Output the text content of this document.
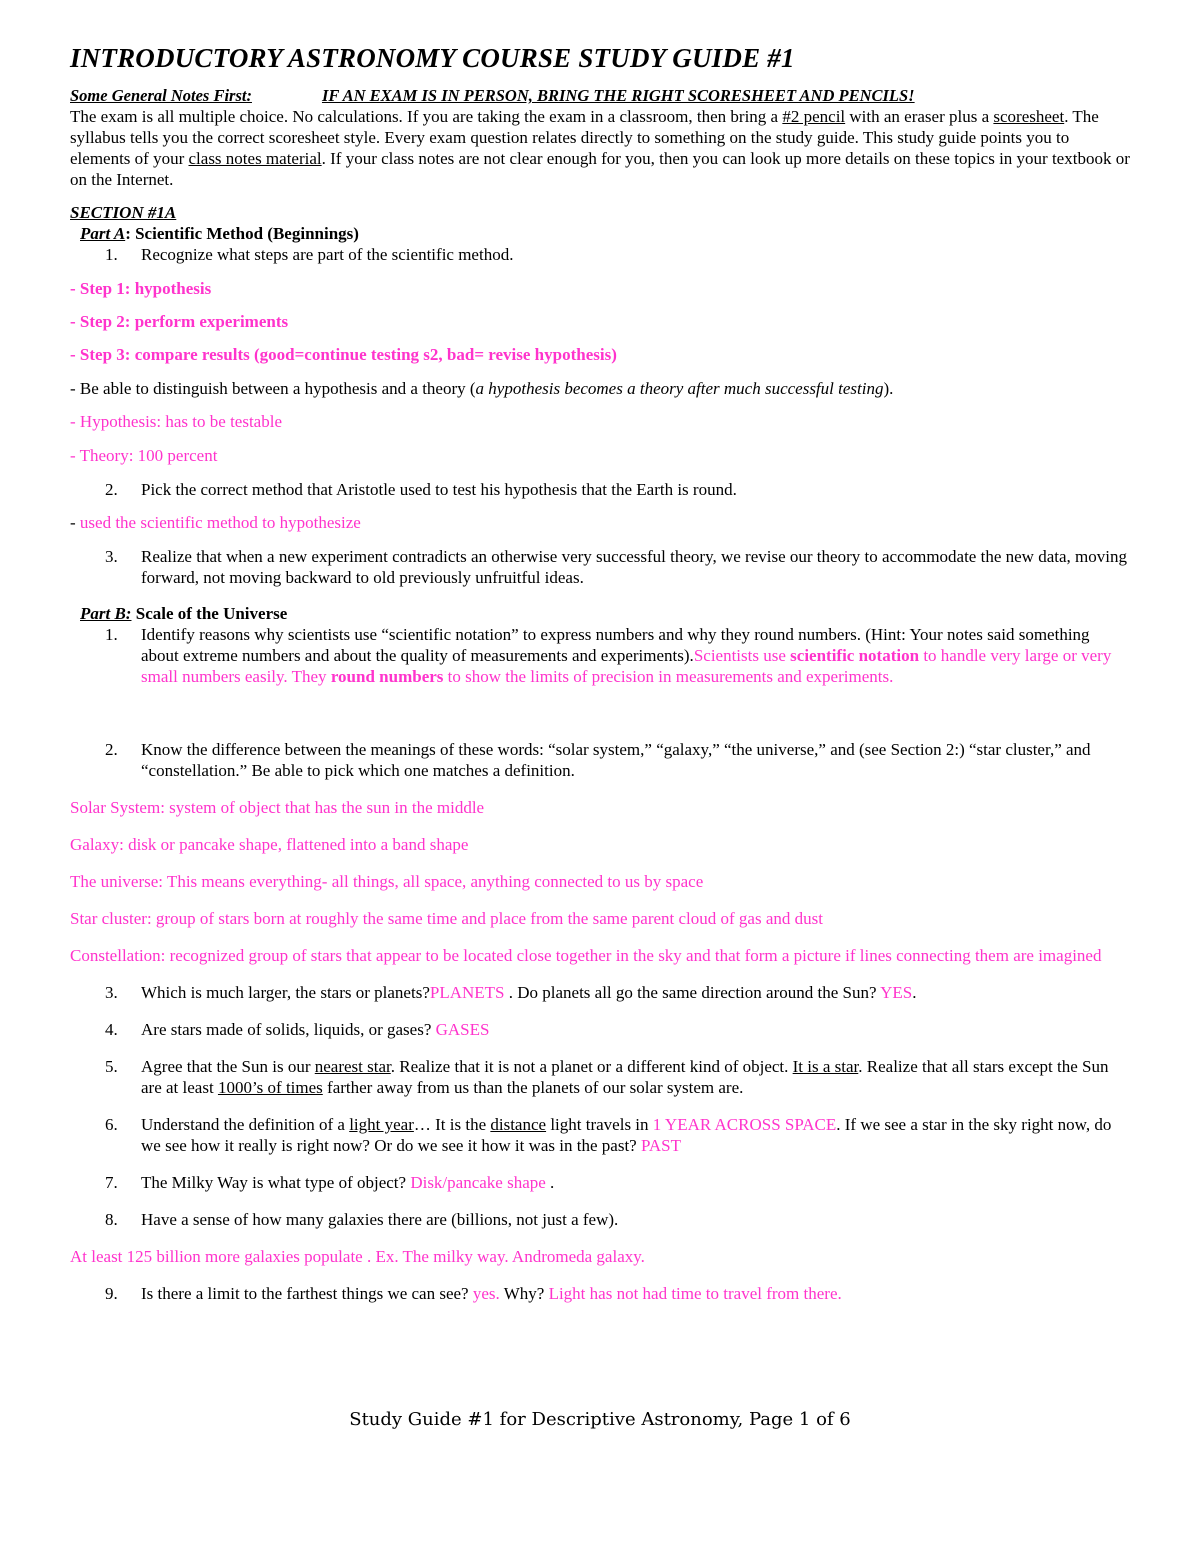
INTRODUCTORY ASTRONOMY COURSE STUDY GUIDE #1
Some General Notes First:	IF AN EXAM IS IN PERSON, BRING THE RIGHT SCORESHEET AND PENCILS!

The exam is all multiple choice. No calculations. If you are taking the exam in a classroom, then bring a #2 pencil with an eraser plus a scoresheet. The syllabus tells you the correct scoresheet style. Every exam question relates directly to something on the study guide. This study guide points you to elements of your class notes material. If your class notes are not clear enough for you, then you can look up more details on these topics in your textbook or on the Internet.

SECTION #1A
Part A: Scientific Method (Beginnings)

1. Recognize what steps are part of the scientific method.

- Step 1: hypothesis

- Step 2: perform experiments

- Step 3: compare results (good=continue testing s2, bad= revise hypothesis)

- Be able to distinguish between a hypothesis and a theory (a hypothesis becomes a theory after much successful testing).

- Hypothesis: has to be testable

- Theory: 100 percent

2. Pick the correct method that Aristotle used to test his hypothesis that the Earth is round.

- used the scientific method to hypothesize

3. Realize that when a new experiment contradicts an otherwise very successful theory, we revise our theory to accommodate the new data, moving forward, not moving backward to old previously unfruitful ideas.

Part B: Scale of the Universe

1. Identify reasons why scientists use “scientific notation” to express numbers and why they round numbers. (Hint: Your notes said something about extreme numbers and about the quality of measurements and experiments).Scientists use scientific notation to handle very large or very small numbers easily. They round numbers to show the limits of precision in measurements and experiments.

2. Know the difference between the meanings of these words: “solar system,” “galaxy,” “the universe,” and (see Section 2:) “star cluster,” and “constellation.” Be able to pick which one matches a definition.

Solar System: system of object that has the sun in the middle

Galaxy: disk or pancake shape, flattened into a band shape

The universe: This means everything- all things, all space, anything connected to us by space

Star cluster: group of stars born at roughly the same time and place from the same parent cloud of gas and dust

Constellation: recognized group of stars that appear to be located close together in the sky and that form a picture if lines connecting them are imagined

3. Which is much larger, the stars or planets?PLANETS . Do planets all go the same direction around the Sun? YES.

4. Are stars made of solids, liquids, or gases? GASES

5. Agree that the Sun is our nearest star. Realize that it is not a planet or a different kind of object. It is a star. Realize that all stars except the Sun are at least 1000’s of times farther away from us than the planets of our solar system are.

6. Understand the definition of a light year… It is the distance light travels in 1 YEAR ACROSS SPACE. If we see a star in the sky right now, do we see how it really is right now? Or do we see it how it was in the past? PAST

7. The Milky Way is what type of object? Disk/pancake shape .

8. Have a sense of how many galaxies there are (billions, not just a few).

At least 125 billion more galaxies populate . Ex. The milky way. Andromeda galaxy.

9. Is there a limit to the farthest things we can see? yes. Why? Light has not had time to travel from there.

Study Guide #1 for Descriptive Astronomy, Page 1 of 6
